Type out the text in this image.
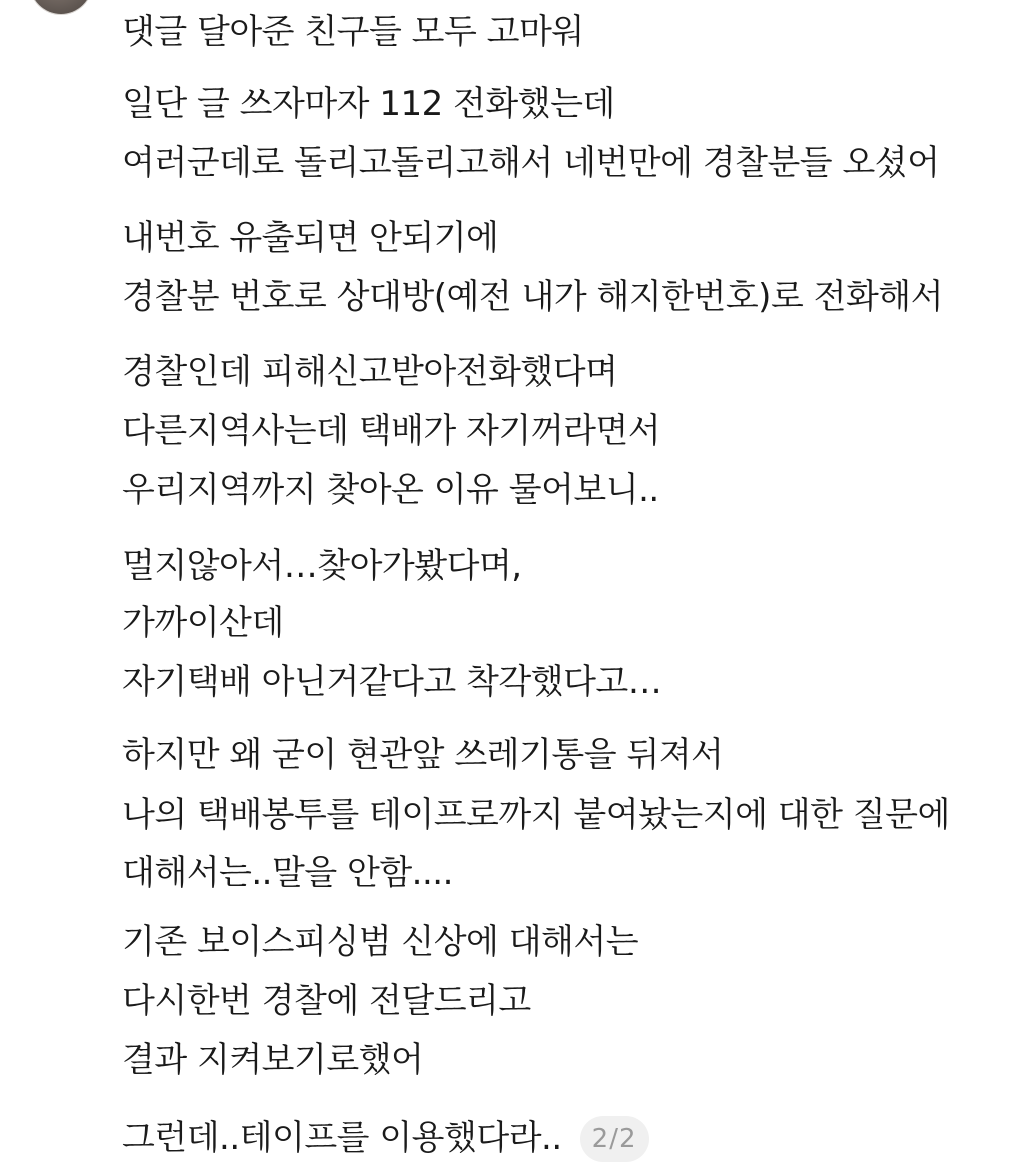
댓글 달아준 친구들 모두 고마워
일단 글 쓰자마자 112 전화했는데
여러군데로 돌리고돌리고해서 네번만에 경찰분들 오셨어
내번호 유출되면 안되기에
경찰분 번호로 상대방(예전 내가 해지한번호)로 전화해서
경찰인데 피해신고받아전화했다며
다른지역사는데 택배가 자기꺼라면서
우리지역까지 찾아온 이유 물어보니..
멀지않아서…찾아가봤다며,
가까이산데
자기택배 아닌거같다고 착각했다고…
하지만 왜 굳이 현관앞 쓰레기통을 뒤져서
나의 택배봉투를 테이프로까지 붙여놨는지에 대한 질문에
대해서는..말을 안함....
기존 보이스피싱범 신상에 대해서는
다시한번 경찰에 전달드리고
결과 지켜보기로했어
그런데..테이프를 이용했다라.. 2/2
